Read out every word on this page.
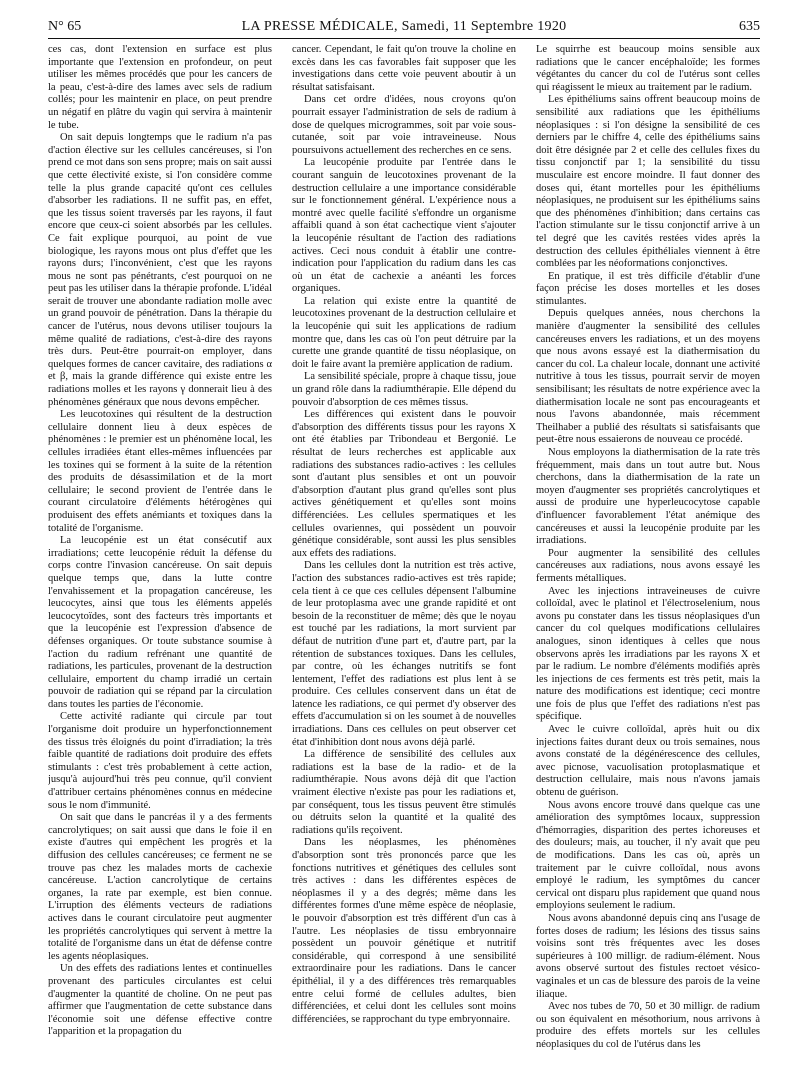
N° 65	LA PRESSE MÉDICALE, Samedi, 11 Septembre 1920	635

ces cas, dont l'extension en surface est plus importante que l'extension en profondeur, on peut utiliser les mêmes procédés que pour les cancers de la peau, c'est-à-dire des lames avec sels de radium collés; pour les maintenir en place, on peut prendre un négatif en plâtre du vagin qui servira à maintenir le tube.

On sait depuis longtemps que le radium n'a pas d'action élective sur les cellules cancéreuses, si l'on prend ce mot dans son sens propre; mais on sait aussi que cette électivité existe, si l'on considère comme telle la plus grande capacité qu'ont ces cellules d'absorber les radiations. Il ne suffit pas, en effet, que les tissus soient traversés par les rayons, il faut encore que ceux-ci soient absorbés par les cellules. Ce fait explique pourquoi, au point de vue biologique, les rayons mous ont plus d'effet que les rayons durs; l'inconvénient, c'est que les rayons mous ne sont pas pénétrants, c'est pourquoi on ne peut pas les utiliser dans la thérapie profonde. L'idéal serait de trouver une abondante radiation molle avec un grand pouvoir de pénétration. Dans la thérapie du cancer de l'utérus, nous devons utiliser toujours la même qualité de radiations, c'est-à-dire des rayons très durs. Peut-être pourrait-on employer, dans quelques formes de cancer cavitaire, des radiations α et β, mais la grande différence qui existe entre les radiations molles et les rayons γ donnerait lieu à des phénomènes généraux que nous devons empêcher.

Les leucotoxines qui résultent de la destruction cellulaire donnent lieu à deux espèces de phénomènes : le premier est un phénomène local, les cellules irradiées étant elles-mêmes influencées par les toxines qui se forment à la suite de la rétention des produits de désassimilation et de la mort cellulaire; le second provient de l'entrée dans le courant circulatoire d'éléments hétérogènes qui produisent des effets anémiants et toxiques dans la totalité de l'organisme.

La leucopénie est un état consécutif aux irradiations; cette leucopénie réduit la défense du corps contre l'invasion cancéreuse. On sait depuis quelque temps que, dans la lutte contre l'envahissement et la propagation cancéreuse, les leucocytes, ainsi que tous les éléments appelés leucocytoïdes, sont des facteurs très importants et que la leucopénie est l'expression d'absence de défenses organiques. Or toute substance soumise à l'action du radium refrénant une quantité de radiations, les particules, provenant de la destruction cellulaire, emportent du champ irradié un certain pouvoir de radiation qui se répand par la circulation dans toutes les parties de l'économie.

Cette activité radiante qui circule par tout l'organisme doit produire un hyperfonctionnement des tissus très éloignés du point d'irradiation; la très faible quantité de radiations doit produire des effets stimulants : c'est très probablement à cette action, jusqu'à aujourd'hui très peu connue, qu'il convient d'attribuer certains phénomènes connus en médecine sous le nom d'immunité.

On sait que dans le pancréas il y a des ferments cancrolytiques; on sait aussi que dans le foie il en existe d'autres qui empêchent les progrès et la diffusion des cellules cancéreuses; ce ferment ne se trouve pas chez les malades morts de cachexie cancéreuse. L'action cancrolytique de certains organes, la rate par exemple, est bien connue. L'irruption des éléments vecteurs de radiations actives dans le courant circulatoire peut augmenter les propriétés cancrolytiques qui servent à mettre la totalité de l'organisme dans un état de défense contre les agents néoplasiques.

Un des effets des radiations lentes et continuelles provenant des particules circulantes est celui d'augmenter la quantité de choline. On ne peut pas affirmer que l'augmentation de cette substance dans l'économie soit une défense effective contre l'apparition et la propagation du

cancer. Cependant, le fait qu'on trouve la choline en excès dans les cas favorables fait supposer que les investigations dans cette voie peuvent aboutir à un résultat satisfaisant.

Dans cet ordre d'idées, nous croyons qu'on pourrait essayer l'administration de sels de radium à dose de quelques microgrammes, soit par voie sous-cutanée, soit par voie intraveineuse. Nous poursuivons actuellement des recherches en ce sens.

La leucopénie produite par l'entrée dans le courant sanguin de leucotoxines provenant de la destruction cellulaire a une importance considérable sur le fonctionnement général. L'expérience nous a montré avec quelle facilité s'effondre un organisme affaibli quand à son état cachectique vient s'ajouter la leucopénie résultant de l'action des radiations actives. Ceci nous conduit à établir une contre-indication pour l'application du radium dans les cas où un état de cachexie a anéanti les forces organiques.

La relation qui existe entre la quantité de leucotoxines provenant de la destruction cellulaire et la leucopénie qui suit les applications de radium montre que, dans les cas où l'on peut détruire par la curette une grande quantité de tissu néoplasique, on doit le faire avant la première application de radium.

La sensibilité spéciale, propre à chaque tissu, joue un grand rôle dans la radiumthérapie. Elle dépend du pouvoir d'absorption de ces mêmes tissus.

Les différences qui existent dans le pouvoir d'absorption des différents tissus pour les rayons X ont été établies par Tribondeau et Bergonié. Le résultat de leurs recherches est applicable aux radiations des substances radio-actives : les cellules sont d'autant plus sensibles et ont un pouvoir d'absorption d'autant plus grand qu'elles sont plus actives génétiquement et qu'elles sont moins différenciées. Les cellules spermatiques et les cellules ovariennes, qui possèdent un pouvoir génétique considérable, sont aussi les plus sensibles aux effets des radiations.

Dans les cellules dont la nutrition est très active, l'action des substances radio-actives est très rapide; cela tient à ce que ces cellules dépensent l'albumine de leur protoplasma avec une grande rapidité et ont besoin de la reconstituer de même; dès que le noyau est touché par les radiations, la mort survient par défaut de nutrition d'une part et, d'autre part, par la rétention de substances toxiques. Dans les cellules, par contre, où les échanges nutritifs se font lentement, l'effet des radiations est plus lent à se produire. Ces cellules conservent dans un état de latence les radiations, ce qui permet d'y observer des effets d'accumulation si on les soumet à de nouvelles irradiations. Dans ces cellules on peut observer cet état d'inhibition dont nous avons déjà parlé.

La différence de sensibilité des cellules aux radiations est la base de la radio- et de la radiumthérapie. Nous avons déjà dit que l'action vraiment élective n'existe pas pour les radiations et, par conséquent, tous les tissus peuvent être stimulés ou détruits selon la quantité et la qualité des radiations qu'ils reçoivent.

Dans les néoplasmes, les phénomènes d'absorption sont très prononcés parce que les fonctions nutritives et génétiques des cellules sont très actives : dans les différentes espèces de néoplasmes il y a des degrés; même dans les différentes formes d'une même espèce de néoplasie, le pouvoir d'absorption est très différent d'un cas à l'autre. Les néoplasies de tissu embryonnaire possèdent un pouvoir génétique et nutritif considérable, qui correspond à une sensibilité extraordinaire pour les radiations. Dans le cancer épithélial, il y a des différences très remarquables entre celui formé de cellules adultes, bien différenciées, et celui dont les cellules sont moins différenciées, se rapprochant du type embryonnaire.

Le squirrhe est beaucoup moins sensible aux radiations que le cancer encéphaloïde; les formes végétantes du cancer du col de l'utérus sont celles qui réagissent le mieux au traitement par le radium.

Les épithéliums sains offrent beaucoup moins de sensibilité aux radiations que les épithéliums néoplasiques : si l'on désigne la sensibilité de ces derniers par le chiffre 4, celle des épithéliums sains doit être désignée par 2 et celle des cellules fixes du tissu conjonctif par 1; la sensibilité du tissu musculaire est encore moindre. Il faut donner des doses qui, étant mortelles pour les épithéliums néoplasiques, ne produisent sur les épithéliums sains que des phénomènes d'inhibition; dans certains cas l'action stimulante sur le tissu conjonctif arrive à un tel degré que les cavités restées vides après la destruction des cellules épithéliales viennent à être comblées par les néoformations conjonctives.

En pratique, il est très difficile d'établir d'une façon précise les doses mortelles et les doses stimulantes.

Depuis quelques années, nous cherchons la manière d'augmenter la sensibilité des cellules cancéreuses envers les radiations, et un des moyens que nous avons essayé est la diathermisation du cancer du col. La chaleur locale, donnant une activité nutritive à tous les tissus, pourrait servir de moyen sensibilisant; les résultats de notre expérience avec la diathermisation locale ne sont pas encourageants et nous l'avons abandonnée, mais récemment Theilhaber a publié des résultats si satisfaisants que peut-être nous essaierons de nouveau ce procédé.

Nous employons la diathermisation de la rate très fréquemment, mais dans un tout autre but. Nous cherchons, dans la diathermisation de la rate un moyen d'augmenter ses propriétés cancrolytiques et aussi de produire une hyperleucocytose capable d'influencer favorablement l'état anémique des cancéreuses et aussi la leucopénie produite par les irradiations.

Pour augmenter la sensibilité des cellules cancéreuses aux radiations, nous avons essayé les ferments métalliques.

Avec les injections intraveineuses de cuivre colloïdal, avec le platinol et l'électroselenium, nous avons pu constater dans les tissus néoplasiques d'un cancer du col quelques modifications cellulaires analogues, sinon identiques à celles que nous observons après les irradiations par les rayons X et par le radium. Le nombre d'éléments modifiés après les injections de ces ferments est très petit, mais la nature des modifications est identique; ceci montre une fois de plus que l'effet des radiations n'est pas spécifique.

Avec le cuivre colloïdal, après huit ou dix injections faites durant deux ou trois semaines, nous avons constaté de la dégénérescence des cellules, avec picnose, vacuolisation protoplasmatique et destruction cellulaire, mais nous n'avons jamais obtenu de guérison.

Nous avons encore trouvé dans quelque cas une amélioration des symptômes locaux, suppression d'hémorragies, disparition des pertes ichoreuses et des douleurs; mais, au toucher, il n'y avait que peu de modifications. Dans les cas où, après un traitement par le cuivre colloïdal, nous avons employé le radium, les symptômes du cancer cervical ont disparu plus rapidement que quand nous employions seulement le radium.

Nous avons abandonné depuis cinq ans l'usage de fortes doses de radium; les lésions des tissus sains voisins sont très fréquentes avec les doses supérieures à 100 milligr. de radium-élément. Nous avons observé surtout des fistules rectoet vésico-vaginales et un cas de blessure des parois de la veine iliaque.

Avec nos tubes de 70, 50 et 30 milligr. de radium ou son équivalent en mésothorium, nous arrivons à produire des effets mortels sur les cellules néoplasiques du col de l'utérus dans les
